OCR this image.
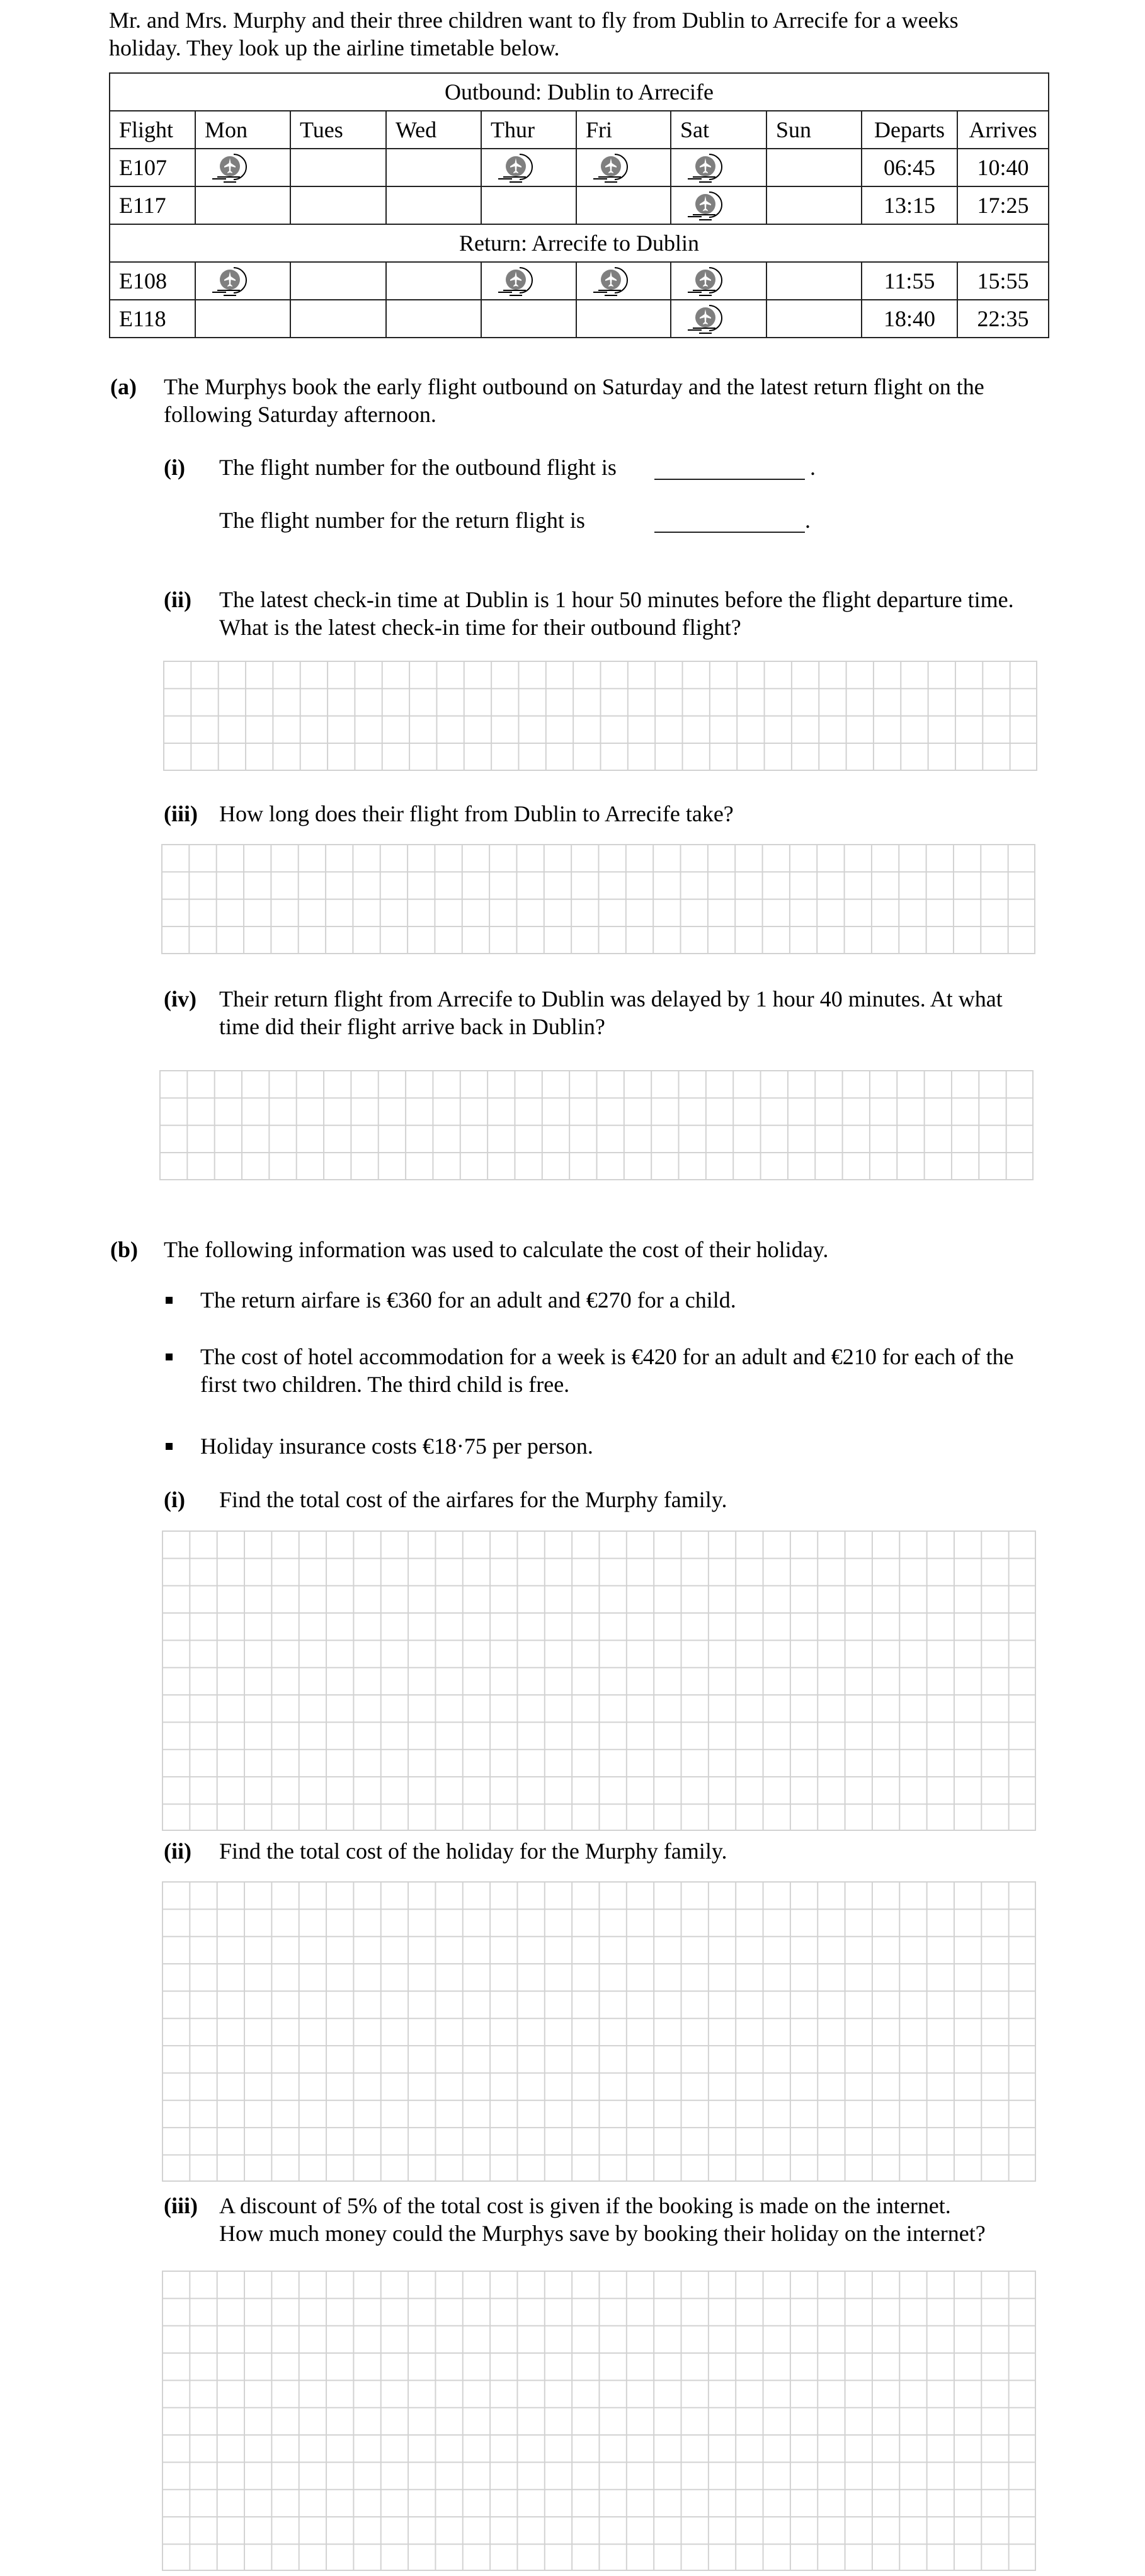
Mr. and Mrs. Murphy and their three children want to fly from Dublin to Arrecife for a weeks
holiday. They look up the airline timetable below.
Outbound: Dublin to Arrecife									
Flight	Mon	Tues	Wed	Thur	Fri	Sat	Sun	Departs	Arrives
E107								06:45	10:40
E117								13:15	17:25
Return: Arrecife to Dublin									
E108								11:55	15:55
E118								18:40	22:35
(a) The Murphys book the early flight outbound on Saturday and the latest return flight on the
following Saturday afternoon.
(i) The flight number for the outbound flight is	.
The flight number for the return flight is	.
(ii) The latest check-in time at Dublin is 1 hour 50 minutes before the flight departure time.
What is the latest check-in time for their outbound flight?
(iii) How long does their flight from Dublin to Arrecife take?
(iv) Their return flight from Arrecife to Dublin was delayed by 1 hour 40 minutes. At what
time did their flight arrive back in Dublin?
(b) The following information was used to calculate the cost of their holiday.
The return airfare is €360 for an adult and €270 for a child.
The cost of hotel accommodation for a week is €420 for an adult and €210 for each of the
first two children. The third child is free.
Holiday insurance costs €18·75 per person.
(i) Find the total cost of the airfares for the Murphy family.
(ii) Find the total cost of the holiday for the Murphy family.
(iii) A discount of 5% of the total cost is given if the booking is made on the internet.
How much money could the Murphys save by booking their holiday on the internet?
